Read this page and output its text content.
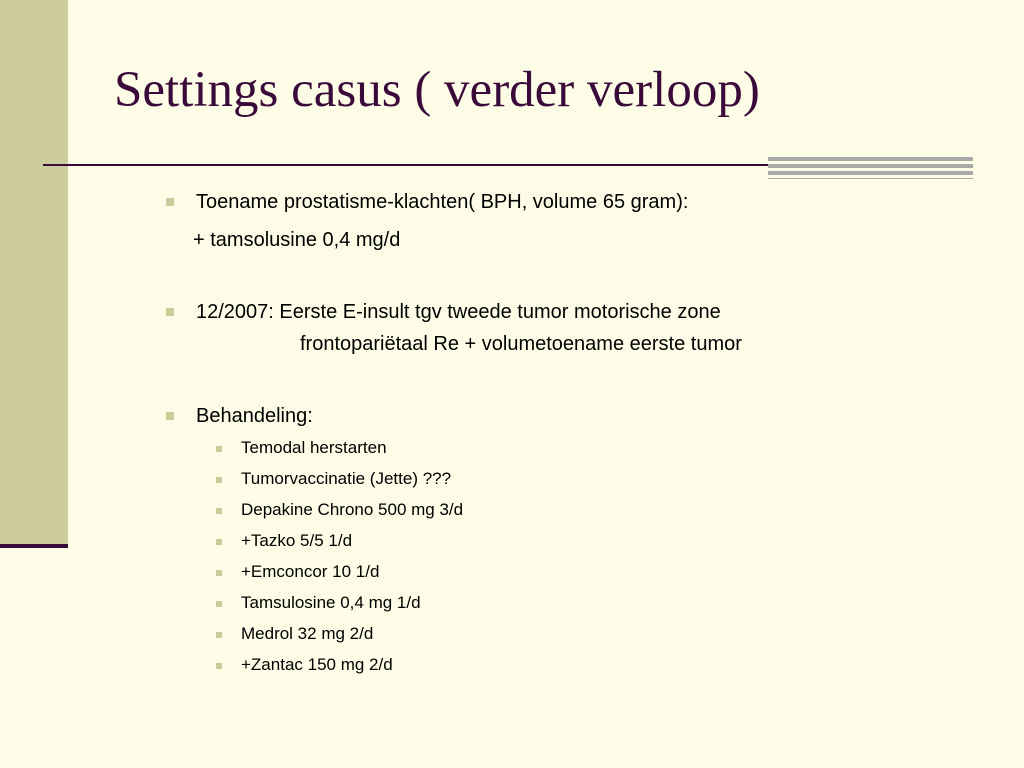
Settings casus ( verder verloop)
Toename prostatisme-klachten( BPH, volume 65 gram):
+ tamsolusine 0,4 mg/d
12/2007: Eerste E-insult tgv tweede tumor motorische zone
frontopariëtaal Re + volumetoename eerste tumor
Behandeling:
Temodal herstarten
Tumorvaccinatie (Jette) ???
Depakine Chrono 500 mg 3/d
+Tazko 5/5 1/d
+Emconcor 10 1/d
Tamsulosine 0,4 mg 1/d
Medrol 32 mg 2/d
+Zantac 150 mg 2/d
